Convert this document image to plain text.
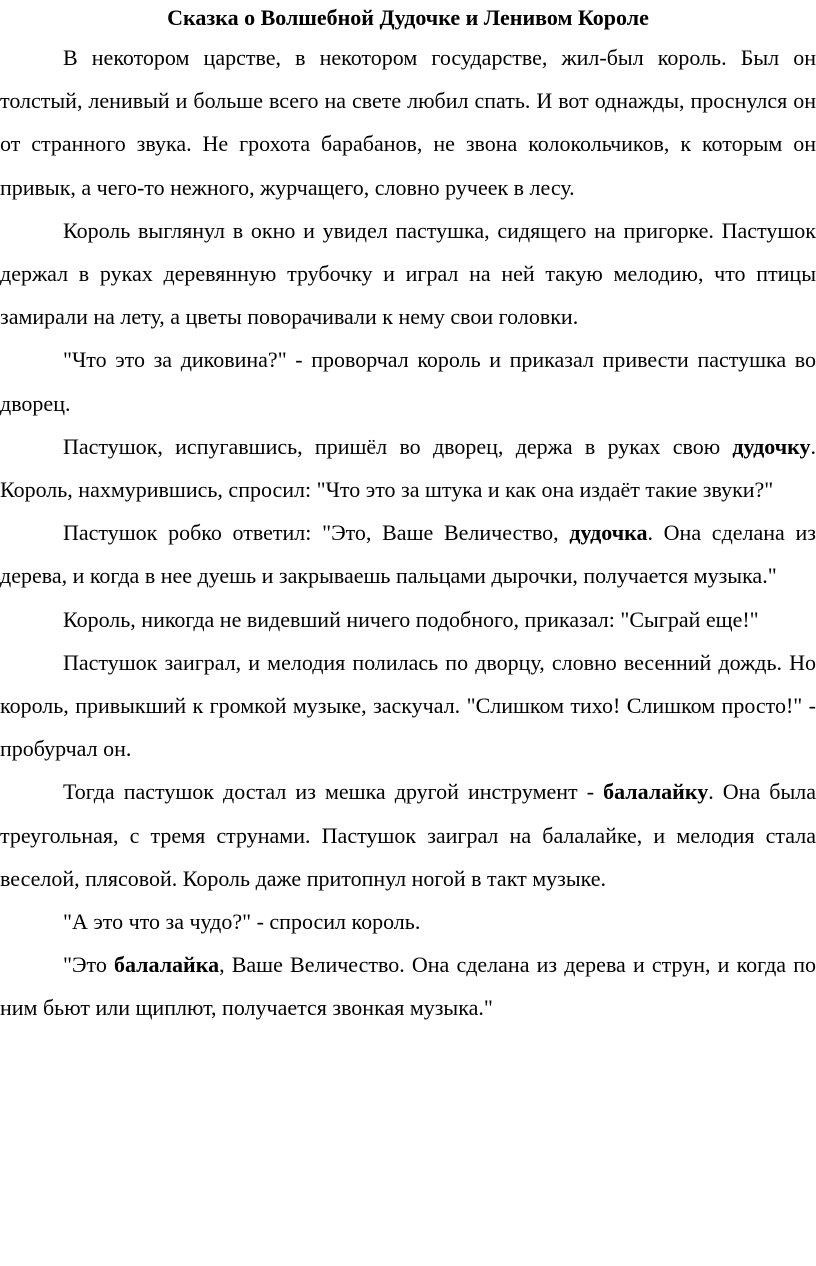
Сказка о Волшебной Дудочке и Ленивом Короле

В некотором царстве, в некотором государстве, жил-был король. Был он толстый, ленивый и больше всего на свете любил спать. И вот однажды, проснулся он от странного звука. Не грохота барабанов, не звона колокольчиков, к которым он привык, а чего-то нежного, журчащего, словно ручеек в лесу.

Король выглянул в окно и увидел пастушка, сидящего на пригорке. Пастушок держал в руках деревянную трубочку и играл на ней такую мелодию, что птицы замирали на лету, а цветы поворачивали к нему свои головки.

"Что это за диковина?" - проворчал король и приказал привести пастушка во дворец.

Пастушок, испугавшись, пришёл во дворец, держа в руках свою дудочку. Король, нахмурившись, спросил: "Что это за штука и как она издаёт такие звуки?"

Пастушок робко ответил: "Это, Ваше Величество, дудочка. Она сделана из дерева, и когда в нее дуешь и закрываешь пальцами дырочки, получается музыка."

Король, никогда не видевший ничего подобного, приказал: "Сыграй еще!"

Пастушок заиграл, и мелодия полилась по дворцу, словно весенний дождь. Но король, привыкший к громкой музыке, заскучал. "Слишком тихо! Слишком просто!" - пробурчал он.

Тогда пастушок достал из мешка другой инструмент - балалайку. Она была треугольная, с тремя струнами. Пастушок заиграл на балалайке, и мелодия стала веселой, плясовой. Король даже притопнул ногой в такт музыке.

"А это что за чудо?" - спросил король.

"Это балалайка, Ваше Величество. Она сделана из дерева и струн, и когда по ним бьют или щиплют, получается звонкая музыка."
